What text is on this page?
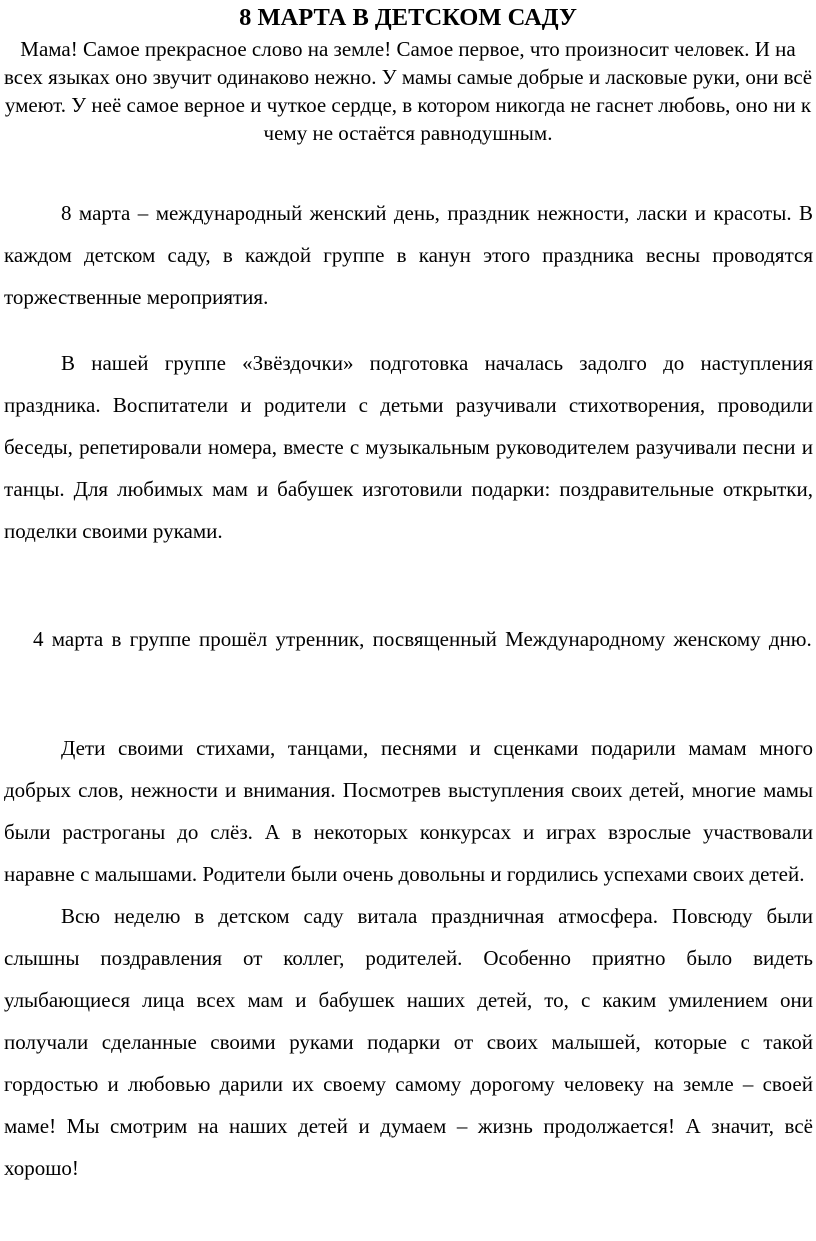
8 МАРТА В ДЕТСКОМ САДУ

Мама! Самое прекрасное слово на земле! Самое первое, что произносит человек. И на всех языках оно звучит одинаково нежно. У мамы самые добрые и ласковые руки, они всё умеют. У неё самое верное и чуткое сердце, в котором никогда не гаснет любовь, оно ни к чему не остаётся равнодушным.

8 марта – международный женский день, праздник нежности, ласки и красоты. В каждом детском саду, в каждой группе в канун этого праздника весны проводятся торжественные мероприятия.

В нашей группе «Звёздочки» подготовка началась задолго до наступления праздника. Воспитатели и родители с детьми разучивали стихотворения, проводили беседы, репетировали номера, вместе с музыкальным руководителем разучивали песни и танцы. Для любимых мам и бабушек изготовили подарки: поздравительные открытки, поделки своими руками.

4 марта в группе прошёл утренник, посвященный Международному женскому дню.

Дети своими стихами, танцами, песнями и сценками подарили мамам много добрых слов, нежности и внимания. Посмотрев выступления своих детей, многие мамы были растроганы до слёз. А в некоторых конкурсах и играх взрослые участвовали наравне с малышами. Родители были очень довольны и гордились успехами своих детей.
Всю неделю в детском саду витала праздничная атмосфера. Повсюду были слышны поздравления от коллег, родителей. Особенно приятно было видеть улыбающиеся лица всех мам и бабушек наших детей, то, с каким умилением они получали сделанные своими руками подарки от своих малышей, которые с такой гордостью и любовью дарили их своему самому дорогому человеку на земле – своей маме! Мы смотрим на наших детей и думаем – жизнь продолжается! А значит, всё хорошо!
